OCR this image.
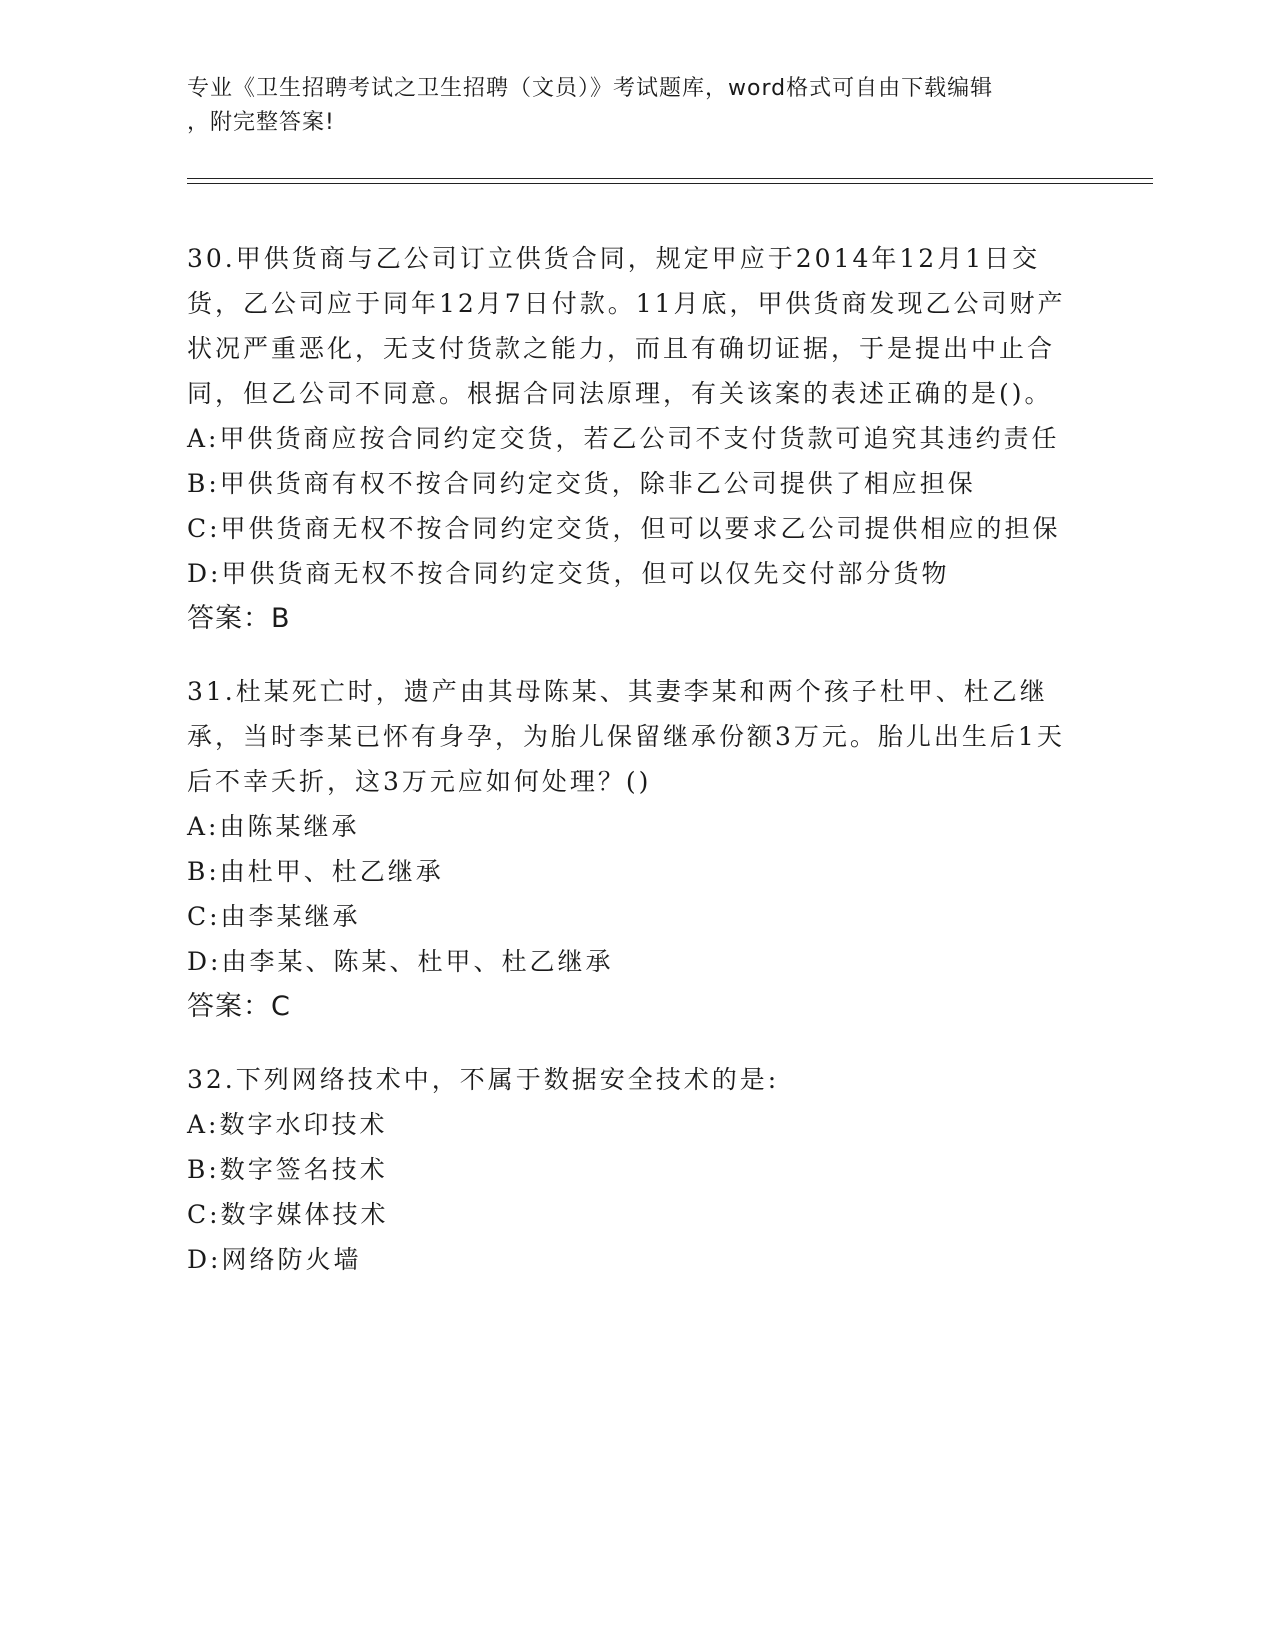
专业《卫生招聘考试之卫生招聘（文员）》考试题库，word格式可自由下载编辑
，附完整答案!

30.甲供货商与乙公司订立供货合同，规定甲应于2014年12月1日交货，乙公司应于同年12月7日付款。11月底，甲供货商发现乙公司财产状况严重恶化，无支付货款之能力，而且有确切证据，于是提出中止合同，但乙公司不同意。根据合同法原理，有关该案的表述正确的是()。

A:甲供货商应按合同约定交货，若乙公司不支付货款可追究其违约责任

B:甲供货商有权不按合同约定交货，除非乙公司提供了相应担保

C:甲供货商无权不按合同约定交货，但可以要求乙公司提供相应的担保

D:甲供货商无权不按合同约定交货，但可以仅先交付部分货物

答案：B

31.杜某死亡时，遗产由其母陈某、其妻李某和两个孩子杜甲、杜乙继承，当时李某已怀有身孕，为胎儿保留继承份额3万元。胎儿出生后1天后不幸夭折，这3万元应如何处理？()

A:由陈某继承

B:由杜甲、杜乙继承

C:由李某继承

D:由李某、陈某、杜甲、杜乙继承

答案：C

32.下列网络技术中，不属于数据安全技术的是:

A:数字水印技术

B:数字签名技术

C:数字媒体技术

D:网络防火墙
